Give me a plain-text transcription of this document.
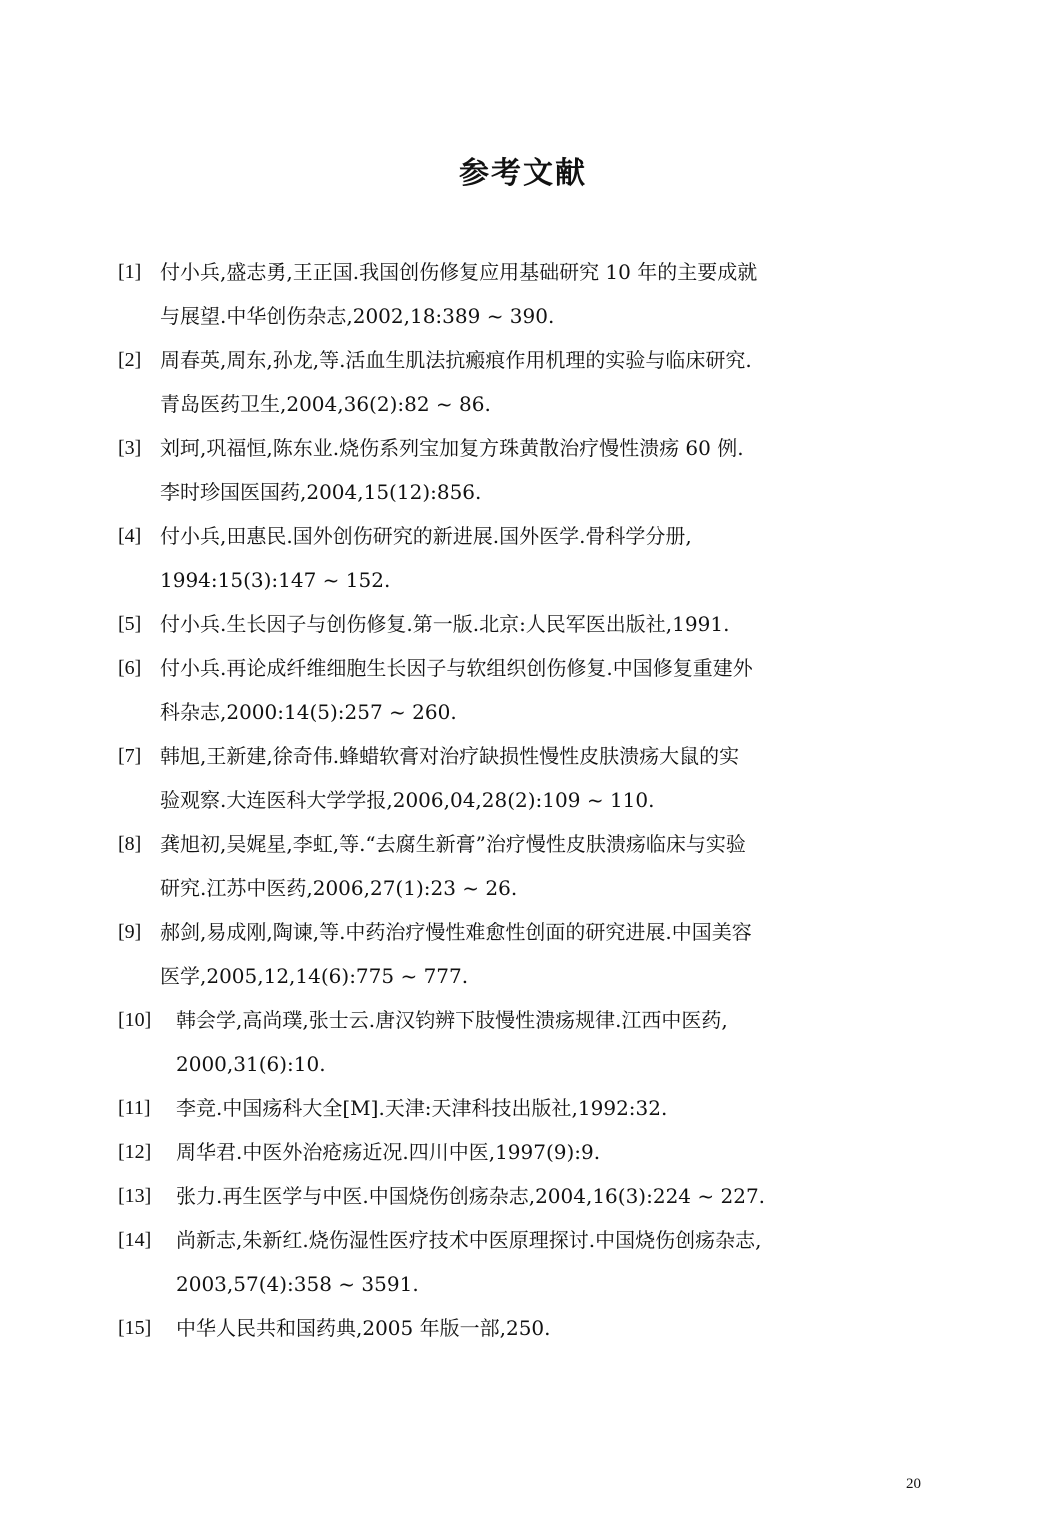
参考文献
[1] 付小兵,盛志勇,王正国.我国创伤修复应用基础研究 10 年的主要成就
与展望.中华创伤杂志,2002,18:389 ~ 390.
[2] 周春英,周东,孙龙,等.活血生肌法抗瘢痕作用机理的实验与临床研究.
青岛医药卫生,2004,36(2):82 ~ 86.
[3] 刘珂,巩福恒,陈东业.烧伤系列宝加复方珠黄散治疗慢性溃疡 60 例.
李时珍国医国药,2004,15(12):856.
[4] 付小兵,田惠民.国外创伤研究的新进展.国外医学.骨科学分册,
1994:15(3):147 ~ 152.
[5] 付小兵.生长因子与创伤修复.第一版.北京:人民军医出版社,1991.
[6] 付小兵.再论成纤维细胞生长因子与软组织创伤修复.中国修复重建外
科杂志,2000:14(5):257 ~ 260.
[7] 韩旭,王新建,徐奇伟.蜂蜡软膏对治疗缺损性慢性皮肤溃疡大鼠的实
验观察.大连医科大学学报,2006,04,28(2):109 ~ 110.
[8] 龚旭初,吴娓星,李虹,等.“去腐生新膏”治疗慢性皮肤溃疡临床与实验
研究.江苏中医药,2006,27(1):23 ~ 26.
[9] 郝剑,易成刚,陶谏,等.中药治疗慢性难愈性创面的研究进展.中国美容
医学,2005,12,14(6):775 ~ 777.
[10] 韩会学,高尚璞,张士云.唐汉钧辨下肢慢性溃疡规律.江西中医药,
2000,31(6):10.
[11] 李竞.中国疡科大全[M].天津:天津科技出版社,1992:32.
[12] 周华君.中医外治疮疡近况.四川中医,1997(9):9.
[13] 张力.再生医学与中医.中国烧伤创疡杂志,2004,16(3):224 ~ 227.
[14] 尚新志,朱新红.烧伤湿性医疗技术中医原理探讨.中国烧伤创疡杂志,
2003,57(4):358 ~ 3591.
[15] 中华人民共和国药典,2005 年版一部,250.
20
